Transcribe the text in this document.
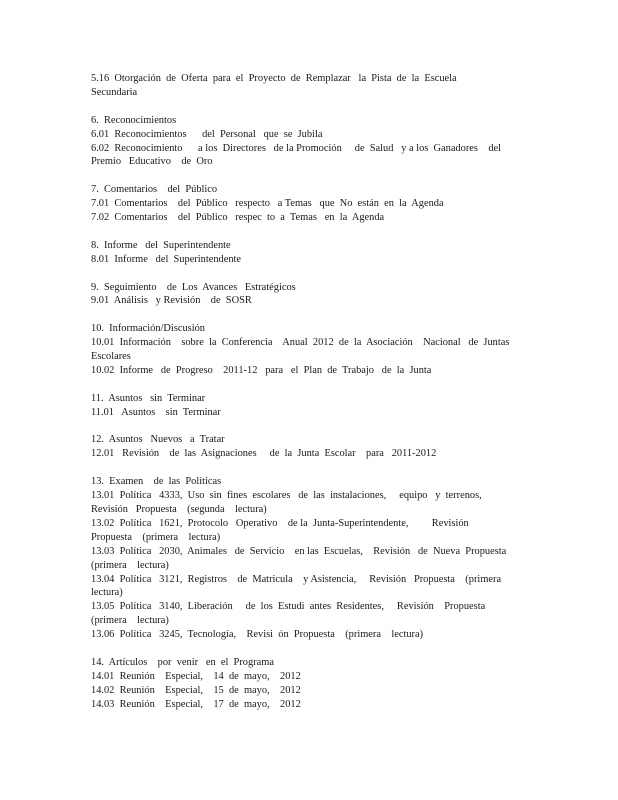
5.16  Otorgación  de  Oferta  para  el  Proyecto  de  Remplazar   la  Pista  de  la  Escuela
Secundaria
6.  Reconocimientos
6.01  Reconocimientos      del  Personal   que  se  Jubila
6.02  Reconocimiento      a los  Directores   de la Promoción     de  Salud   y a los  Ganadores    del
Premio   Educativo    de  Oro
7.  Comentarios    del  Público
7.01  Comentarios    del  Público   respecto   a Temas   que  No  están  en  la  Agenda
7.02  Comentarios    del  Público   respec  to  a  Temas   en  la  Agenda
8.  Informe   del  Superintendente
8.01  Informe   del  Superintendente
9.  Seguimiento    de  Los  Avances   Estratégicos
9.01  Análisis   y Revisión    de  SOSR
10.  Información/Discusión
10.01  Información    sobre  la  Conferencia    Anual  2012  de  la  Asociación    Nacional   de  Juntas
Escolares
10.02  Informe   de  Progreso    2011-12   para   el  Plan  de  Trabajo   de  la  Junta
11.  Asuntos   sin  Terminar
11.01   Asuntos    sin  Terminar
12.  Asuntos   Nuevos   a  Tratar
12.01   Revisión    de  las  Asignaciones     de  la  Junta  Escolar    para   2011-2012
13.  Examen    de  las  Políticas
13.01  Política   4333,  Uso  sin  fines  escolares   de  las  instalaciones,     equipo   y  terrenos,
Revisión   Propuesta    (segunda    lectura)
13.02  Política   1621,  Protocolo   Operativo    de la  Junta-Superintendente,         Revisión
Propuesta    (primera    lectura)
13.03  Política   2030,  Animales   de  Servicio    en las  Escuelas,    Revisión   de  Nueva  Propuesta
(primera    lectura)
13.04  Política   3121,  Registros    de  Matricula    y Asistencia,     Revisión   Propuesta    (primera
lectura)
13.05  Política   3140,  Liberación     de  los  Estudi  antes  Residentes,     Revisión    Propuesta
(primera    lectura)
13.06  Política   3245,  Tecnología,    Revisi  ón  Propuesta    (primera    lectura)
14.  Artículos    por  venir   en  el  Programa
14.01  Reunión    Especial,    14  de  mayo,    2012
14.02  Reunión    Especial,    15  de  mayo,    2012
14.03  Reunión    Especial,    17  de  mayo,    2012
